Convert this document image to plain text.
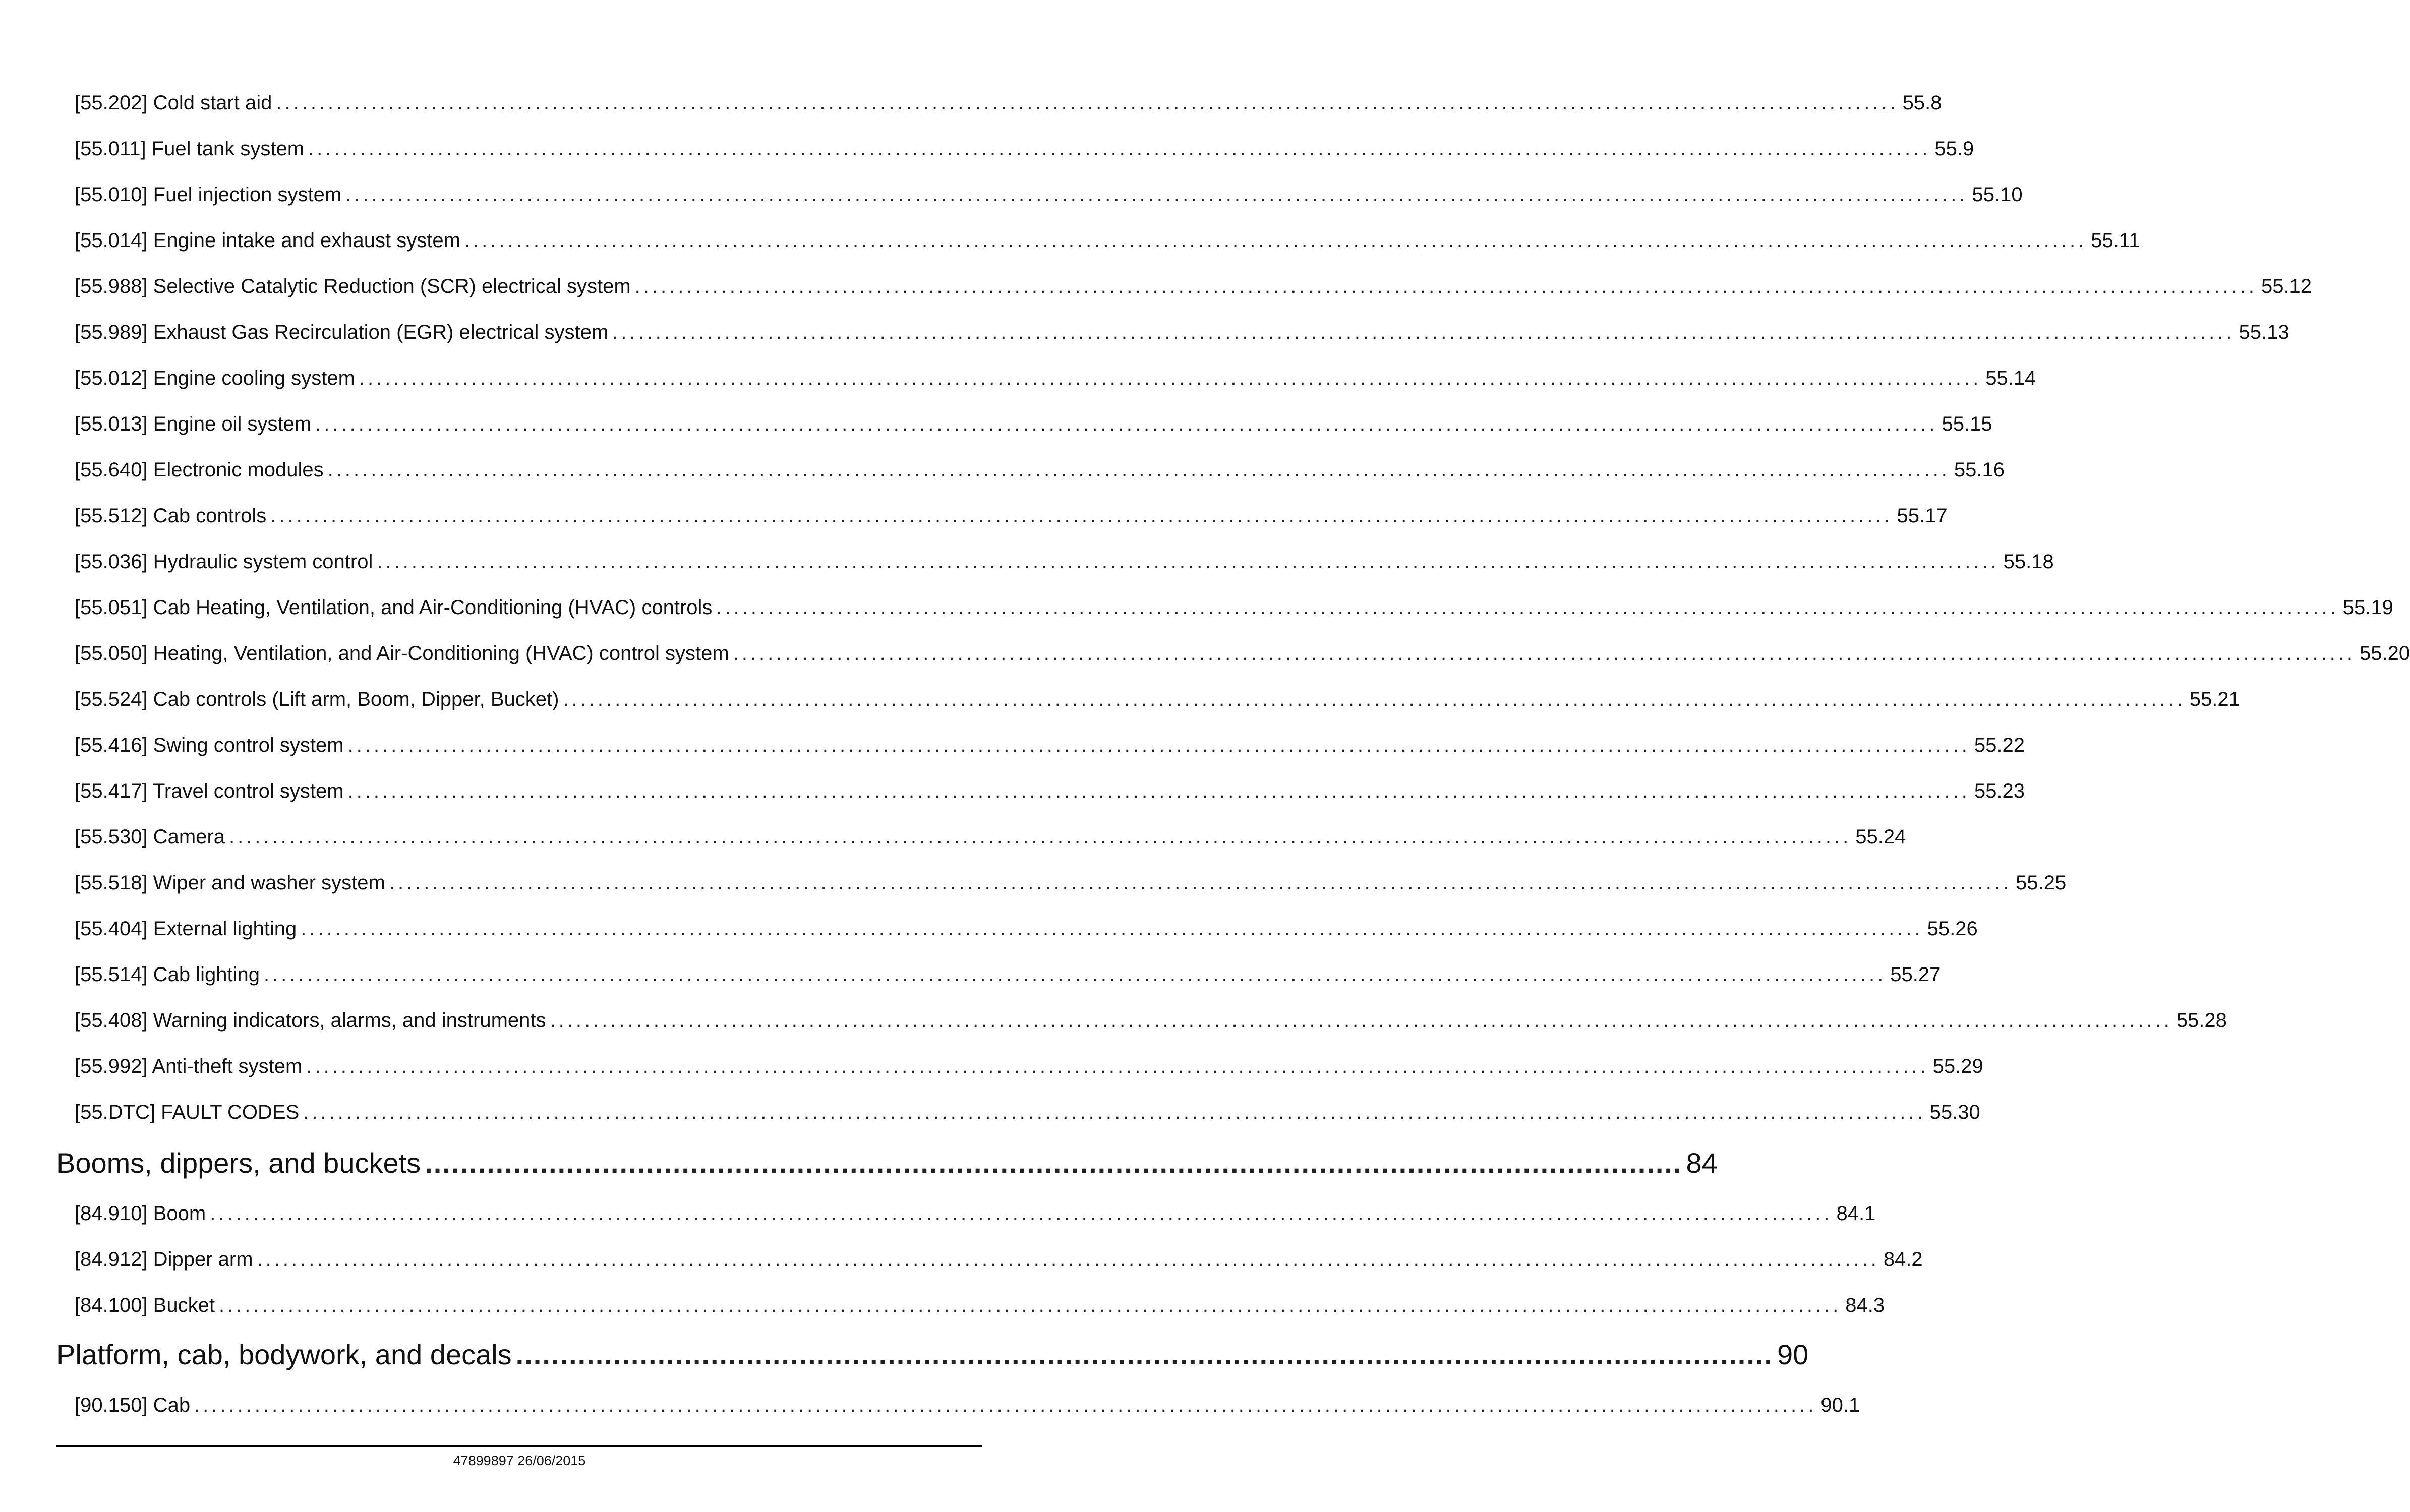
[55.202] Cold start aid ............................................................................................................................................................................................ 55.8
[55.011] Fuel tank system ............................................................................................................................................................................................ 55.9
[55.010] Fuel injection system ............................................................................................................................................................................................ 55.10
[55.014] Engine intake and exhaust system ............................................................................................................................................................................................ 55.11
[55.988] Selective Catalytic Reduction (SCR) electrical system ............................................................................................................................................................................................ 55.12
[55.989] Exhaust Gas Recirculation (EGR) electrical system ............................................................................................................................................................................................ 55.13
[55.012] Engine cooling system ............................................................................................................................................................................................ 55.14
[55.013] Engine oil system ............................................................................................................................................................................................ 55.15
[55.640] Electronic modules ............................................................................................................................................................................................ 55.16
[55.512] Cab controls ............................................................................................................................................................................................ 55.17
[55.036] Hydraulic system control ............................................................................................................................................................................................ 55.18
[55.051] Cab Heating, Ventilation, and Air-Conditioning (HVAC) controls ............................................................................................................................................................................................ 55.19
[55.050] Heating, Ventilation, and Air-Conditioning (HVAC) control system ............................................................................................................................................................................................ 55.20
[55.524] Cab controls (Lift arm, Boom, Dipper, Bucket) ............................................................................................................................................................................................ 55.21
[55.416] Swing control system ............................................................................................................................................................................................ 55.22
[55.417] Travel control system ............................................................................................................................................................................................ 55.23
[55.530] Camera ............................................................................................................................................................................................ 55.24
[55.518] Wiper and washer system ............................................................................................................................................................................................ 55.25
[55.404] External lighting ............................................................................................................................................................................................ 55.26
[55.514] Cab lighting ............................................................................................................................................................................................ 55.27
[55.408] Warning indicators, alarms, and instruments ............................................................................................................................................................................................ 55.28
[55.992] Anti-theft system ............................................................................................................................................................................................ 55.29
[55.DTC] FAULT CODES ............................................................................................................................................................................................ 55.30
Booms, dippers, and buckets .............................................................................................................................................. 84
[84.910] Boom ............................................................................................................................................................................................ 84.1
[84.912] Dipper arm ............................................................................................................................................................................................ 84.2
[84.100] Bucket ............................................................................................................................................................................................ 84.3
Platform, cab, bodywork, and decals .............................................................................................................................................. 90
[90.150] Cab ............................................................................................................................................................................................ 90.1
47899897 26/06/2015
